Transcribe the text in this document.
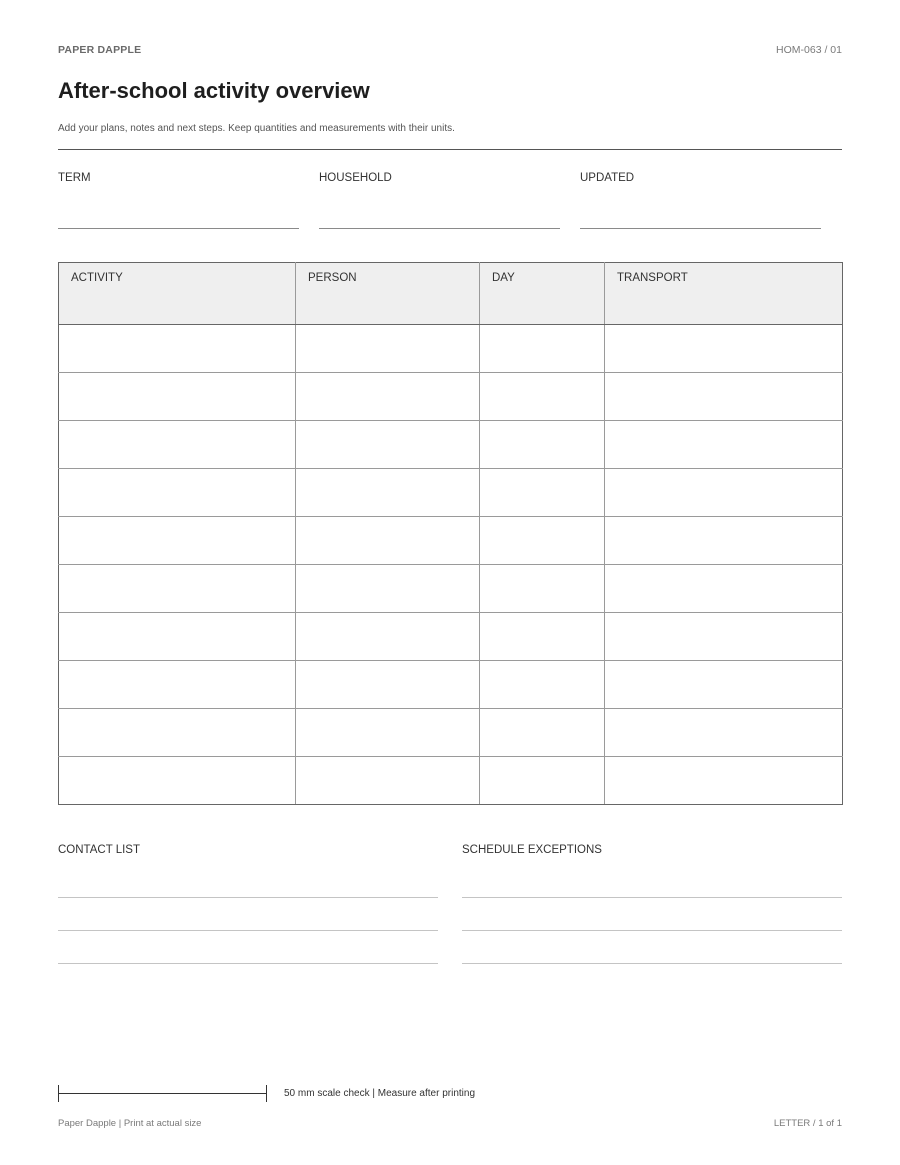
PAPER DAPPLE	HOM-063 / 01
After-school activity overview
Add your plans, notes and next steps. Keep quantities and measurements with their units.
TERM	HOUSEHOLD	UPDATED
ACTIVITY	PERSON	DAY	TRANSPORT

CONTACT LIST	SCHEDULE EXCEPTIONS
50 mm scale check | Measure after printing
Paper Dapple | Print at actual size	LETTER / 1 of 1
